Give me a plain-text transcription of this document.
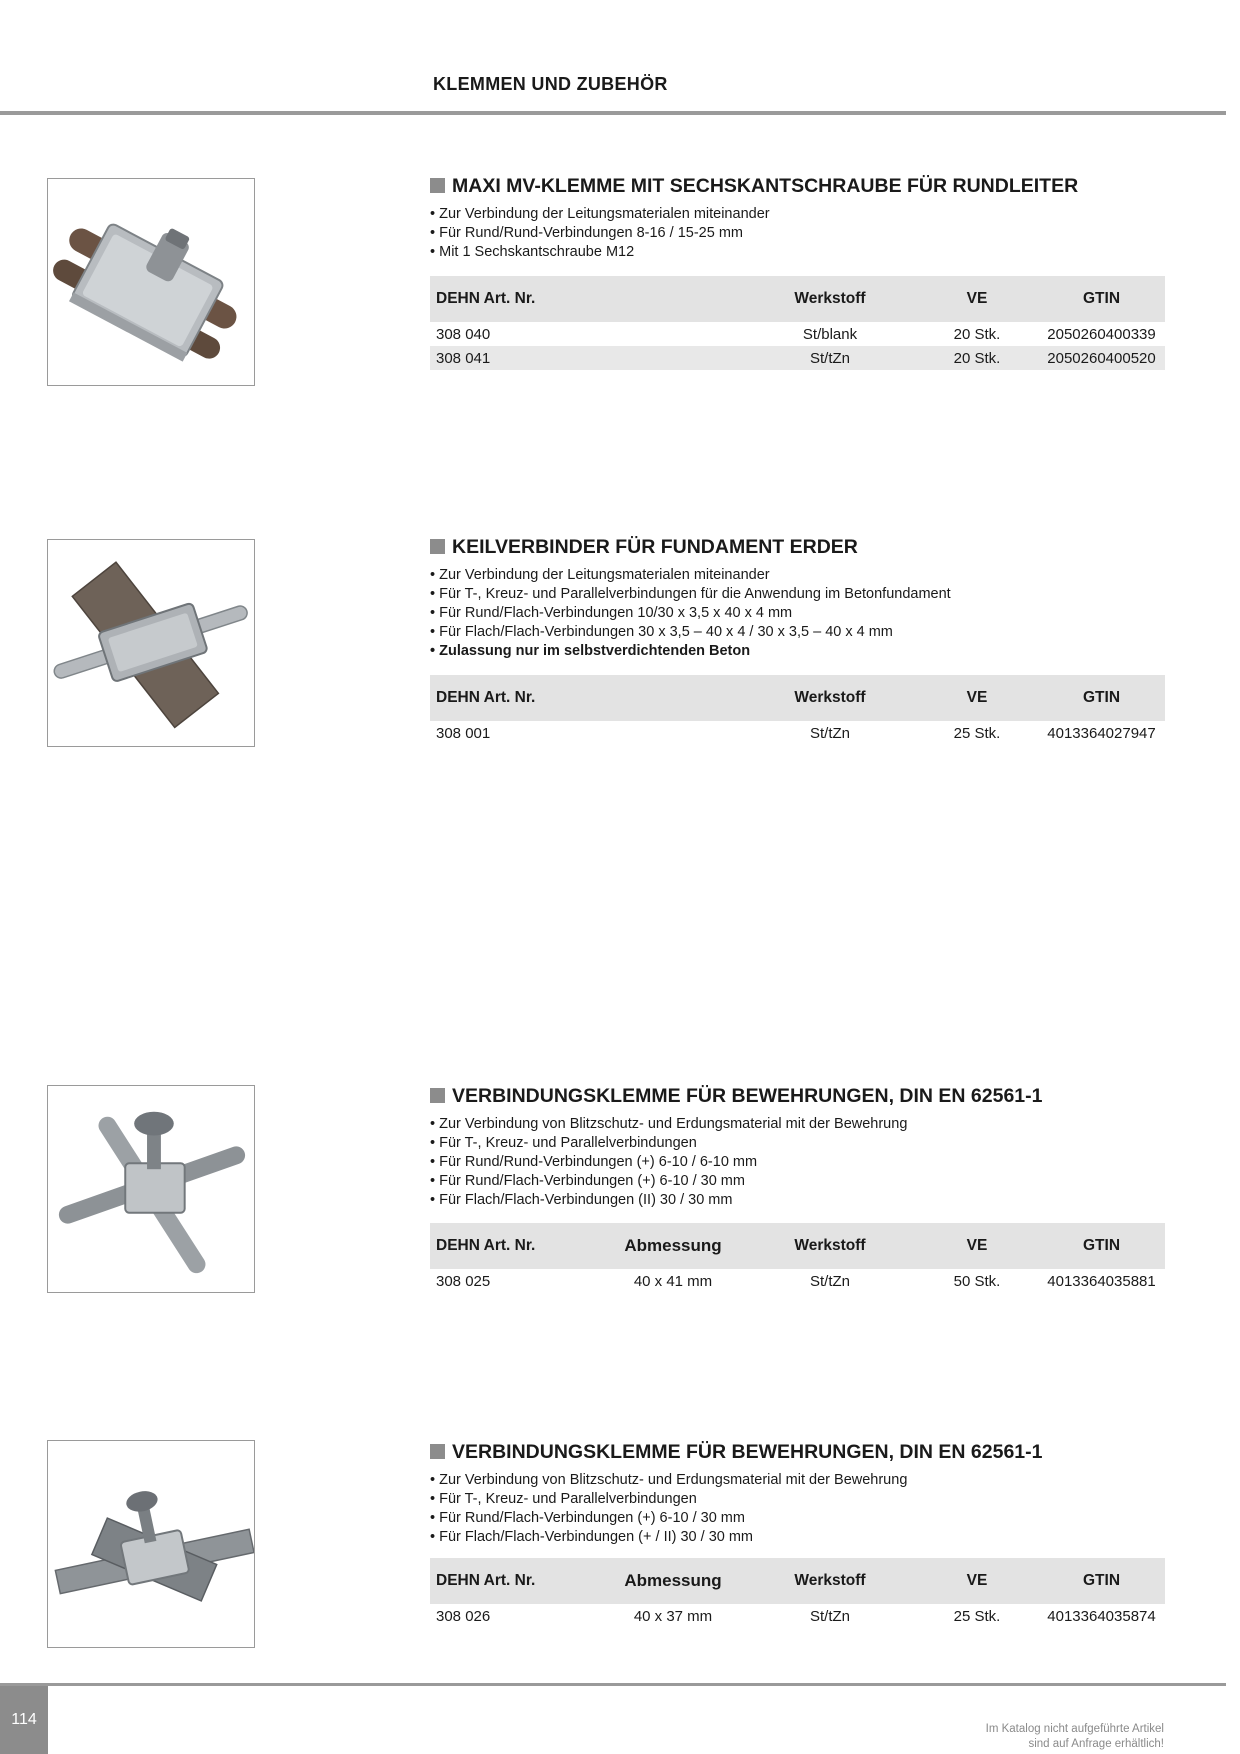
KLEMMEN UND ZUBEHÖR
MAXI MV-KLEMME MIT SECHSKANTSCHRAUBE FÜR RUNDLEITER
• Zur Verbindung der Leitungsmaterialen miteinander
• Für Rund/Rund-Verbindungen 8-16 / 15-25 mm
• Mit 1 Sechskantschraube M12
DEHN Art. Nr.		Werkstoff	VE	GTIN
308 040		St/blank	20 Stk.	2050260400339
308 041		St/tZn	20 Stk.	2050260400520
KEILVERBINDER FÜR FUNDAMENT ERDER
• Zur Verbindung der Leitungsmaterialen miteinander
• Für T-, Kreuz- und Parallelverbindungen für die Anwendung im Betonfundament
• Für Rund/Flach-Verbindungen 10/30 x 3,5 x 40 x 4 mm
• Für Flach/Flach-Verbindungen 30 x 3,5 – 40 x 4 / 30 x 3,5 – 40 x 4 mm
• Zulassung nur im selbstverdichtenden Beton
DEHN Art. Nr.		Werkstoff	VE	GTIN
308 001		St/tZn	25 Stk.	4013364027947
VERBINDUNGSKLEMME FÜR BEWEHRUNGEN, DIN EN 62561-1
• Zur Verbindung von Blitzschutz- und Erdungsmaterial mit der Bewehrung
• Für T-, Kreuz- und Parallelverbindungen
• Für Rund/Rund-Verbindungen (+) 6-10 / 6-10 mm
• Für Rund/Flach-Verbindungen (+) 6-10 / 30 mm
• Für Flach/Flach-Verbindungen (II) 30 / 30 mm
DEHN Art. Nr.	Abmessung	Werkstoff	VE	GTIN
308 025	40 x 41 mm	St/tZn	50 Stk.	4013364035881
VERBINDUNGSKLEMME FÜR BEWEHRUNGEN, DIN EN 62561-1
• Zur Verbindung von Blitzschutz- und Erdungsmaterial mit der Bewehrung
• Für T-, Kreuz- und Parallelverbindungen
• Für Rund/Flach-Verbindungen (+) 6-10 / 30 mm
• Für Flach/Flach-Verbindungen (+ / II) 30 / 30 mm
DEHN Art. Nr.	Abmessung	Werkstoff	VE	GTIN
308 026	40 x 37 mm	St/tZn	25 Stk.	4013364035874
114
Im Katalog nicht aufgeführte Artikel
sind auf Anfrage erhältlich!
